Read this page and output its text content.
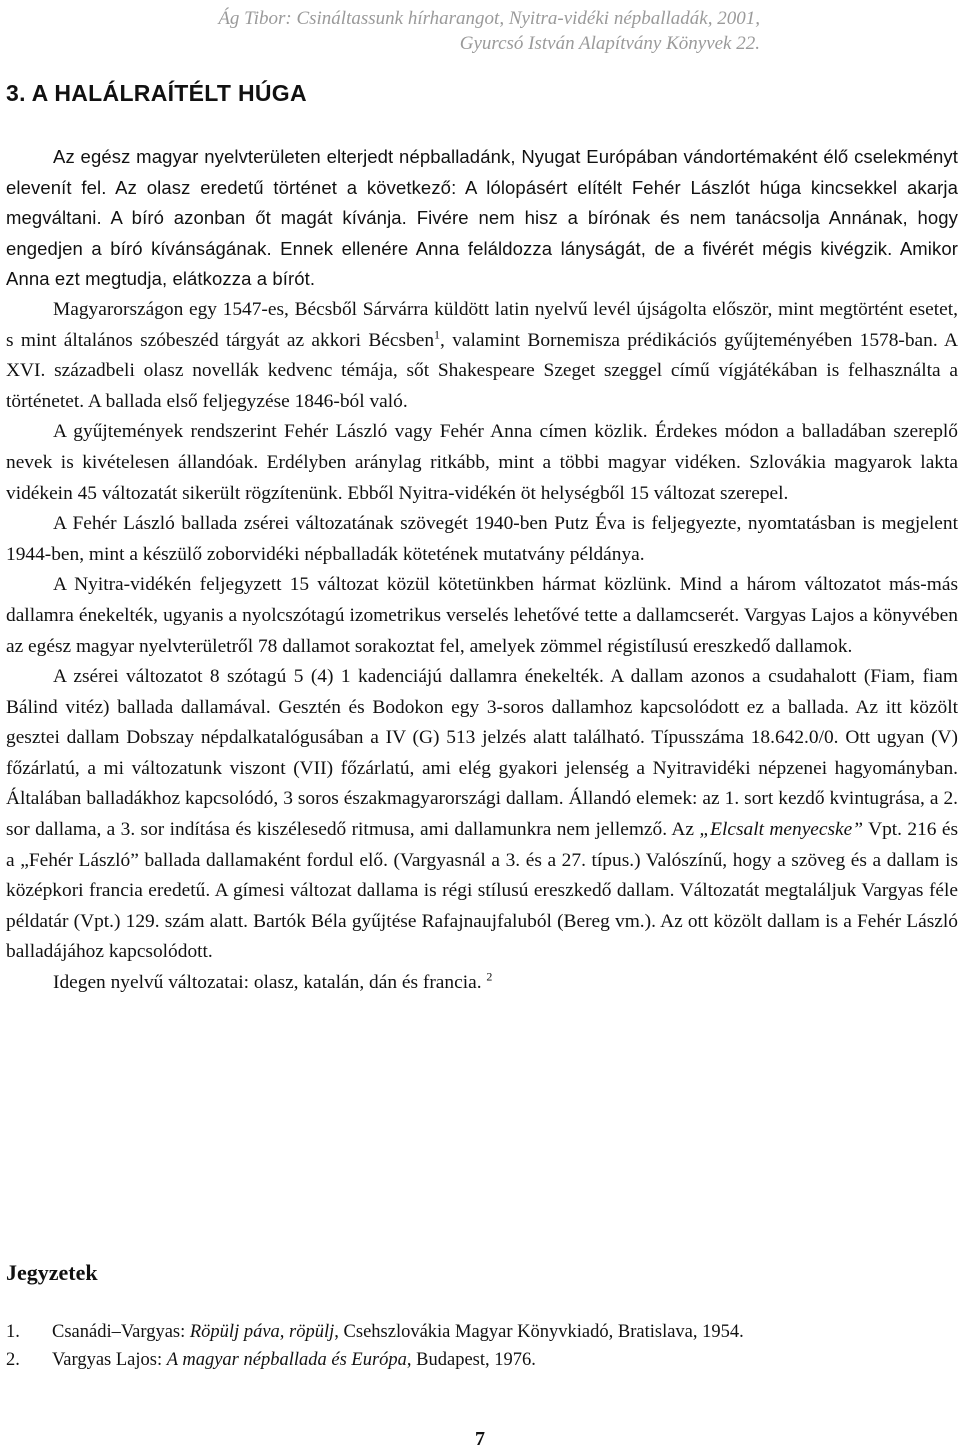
Ág Tibor: Csináltassunk hírharangot, Nyitra-vidéki népballadák, 2001,
Gyurcsó István Alapítvány Könyvek 22.
3. A HALÁLRAÍTÉLT HÚGA

Az egész magyar nyelvterületen elterjedt népballadánk, Nyugat Európában vándortémaként élő cselekményt elevenít fel. Az olasz eredetű történet a következő: A lólopásért elítélt Fehér Lászlót húga kincsekkel akarja megváltani. A bíró azonban őt magát kívánja. Fivére nem hisz a bírónak és nem tanácsolja Annának, hogy engedjen a bíró kívánságának. Ennek ellenére Anna feláldozza lányságát, de a fivérét mégis kivégzik. Amikor Anna ezt megtudja, elátkozza a bírót.

Magyarországon egy 1547-es, Bécsből Sárvárra küldött latin nyelvű levél újságolta először, mint megtörtént esetet, s mint általános szóbeszéd tárgyát az akkori Bécsben$^1$, valamint Bornemisza prédikációs gyűjteményében 1578-ban. A XVI. századbeli olasz novellák kedvenc témája, sőt Shakespeare Szeget szeggel című vígjátékában is felhasználta a történetet. A ballada első feljegyzése 1846-ból való.

A gyűjtemények rendszerint Fehér László vagy Fehér Anna címen közlik. Érdekes módon a balladában szereplő nevek is kivételesen állandóak. Erdélyben aránylag ritkább, mint a többi magyar vidéken. Szlovákia magyarok lakta vidékein 45 változatát sikerült rögzítenünk. Ebből Nyitra-vidékén öt helységből 15 változat szerepel.

A Fehér László ballada zsérei változatának szövegét 1940-ben Putz Éva is feljegyezte, nyomtatásban is megjelent 1944-ben, mint a készülő zoborvidéki népballadák kötetének mutatvány példánya.

A Nyitra-vidékén feljegyzett 15 változat közül kötetünkben hármat közlünk. Mind a három változatot más-más dallamra énekelték, ugyanis a nyolcszótagú izometrikus verselés lehetővé tette a dallamcserét. Vargyas Lajos a könyvében az egész magyar nyelvterületről 78 dallamot sorakoztat fel, amelyek zömmel régistílusú ereszkedő dallamok.

A zsérei változatot 8 szótagú 5 (4) 1 kadenciájú dallamra énekelték. A dallam azonos a csudahalott (Fiam, fiam Bálind vitéz) ballada dallamával. Gesztén és Bodokon egy 3-soros dallamhoz kapcsolódott ez a ballada. Az itt közölt gesztei dallam Dobszay népdalkatalógusában a IV (G) 513 jelzés alatt található. Típusszáma 18.642.0/0. Ott ugyan (V) főzárlatú, a mi változatunk viszont (VII) főzárlatú, ami elég gyakori jelenség a Nyitravidéki népzenei hagyományban. Általában balladákhoz kapcsolódó, 3 soros északmagyarországi dallam. Állandó elemek: az 1. sort kezdő kvintugrása, a 2. sor dallama, a 3. sor indítása és kiszélesedő ritmusa, ami dallamunkra nem jellemző. Az „Elcsalt menyecske” Vpt. 216 és a „Fehér László” ballada dallamaként fordul elő. (Vargyasnál a 3. és a 27. típus.) Valószínű, hogy a szöveg és a dallam is középkori francia eredetű. A gímesi változat dallama is régi stílusú ereszkedő dallam. Változatát megtaláljuk Vargyas féle példatár (Vpt.) 129. szám alatt. Bartók Béla gyűjtése Rafajnaujfaluból (Bereg vm.). Az ott közölt dallam is a Fehér László balladájához kapcsolódott.

Idegen nyelvű változatai: olasz, katalán, dán és francia. $^2$

Jegyzetek
1.	Csanádi–Vargyas: Röpülj páva, röpülj , Csehszlovákia Magyar Könyvkiadó, Bratislava, 1954.
2.	Vargyas Lajos: A magyar népballada és Európa , Budapest, 1976.
7
